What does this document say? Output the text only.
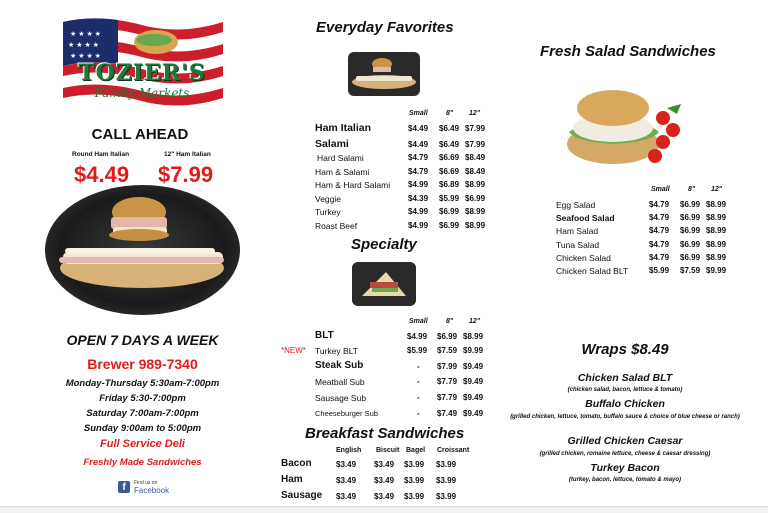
★ ★ ★ ★
★ ★ ★ ★
★ ★ ★ ★
TOZIER'S
Family Markets
CALL AHEAD
Round Ham Italian	12" Ham Italian
$4.49 $7.99
OPEN 7 DAYS A WEEK
Brewer 989-7340
Monday-Thursday 5:30am-7:00pm
Friday 5:30-7:00pm
Saturday 7:00am-7:00pm
Sunday 9:00am to 5:00pm
Full Service Deli
Freshly Made Sandwiches
f	Find us on
Facebook
Everyday Favorites
Small	8" 12"
Ham Italian	$4.49 $6.49 $7.99
Salami	$4.49 $6.49 $7.99
Hard Salami	$4.79 $6.69 $8.49
Ham & Salami	$4.79 $6.69 $8.49
Ham & Hard Salami $4.99 $6.89 $8.99
Veggie	$4.39 $5.99 $6.99
Turkey	$4.99 $6.99 $8.99
Roast Beef	$4.99 $6.99 $8.99
Specialty
Small	8" 12"
BLT	$4.99 $6.99 $8.99
*NEW* Turkey BLT	$5.99 $7.59 $9.99
Steak Sub	- $7.99 $9.49
Meatball Sub	- $7.79 $9.49
Sausage Sub	- $7.79 $9.49
Cheeseburger Sub	- $7.49 $9.49
Breakfast Sandwiches
English Biscuit Bagel Croissant
Bacon	$3.49 $3.49 $3.99 $3.99
Ham	$3.49 $3.49 $3.99 $3.99
Sausage $3.49 $3.49 $3.99 $3.99
Fresh Salad Sandwiches
Small	8" 12"
Egg Salad	$4.79 $6.99 $8.99
Seafood Salad	$4.79 $6.99 $8.99
Ham Salad	$4.79 $6.99 $8.99
Tuna Salad	$4.79 $6.99 $8.99
Chicken Salad	$4.79 $6.99 $8.99
Chicken Salad BLT	$5.99 $7.59 $9.99
Wraps $8.49
Chicken Salad BLT
(chicken salad, bacon, lettuce & tomato)
Buffalo Chicken
(grilled chicken, lettuce, tomato, buffalo sauce & choice of blue cheese or ranch)
Grilled Chicken Caesar
(grilled chicken, romaine lettuce, cheese & caesar dressing)
Turkey Bacon
(turkey, bacon, lettuce, tomato & mayo)
